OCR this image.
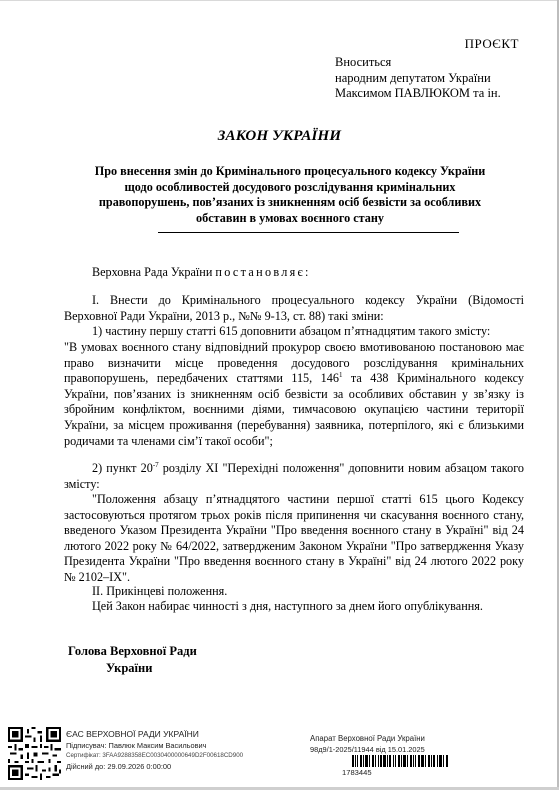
ПРОЄКТ
Вноситься
народним депутатом України
Максимом ПАВЛЮКОМ та ін.
ЗАКОН УКРАЇНИ
Про внесення змін до Кримінального процесуального кодексу України
щодо особливостей досудового розслідування кримінальних
правопорушень, пов’язаних із зникненням осіб безвісти за особливих
обставин в умовах воєнного стану
Верховна Рада України постановляє:
I. Внести до Кримінального процесуального кодексу України (Відомості Верховної Ради України, 2013 р., №№ 9-13, ст. 88) такі зміни:
1) частину першу статті 615 доповнити абзацом п’ятнадцятим такого змісту:
"В умовах воєнного стану відповідний прокурор своєю вмотивованою постановою має право визначити місце проведення досудового розслідування кримінальних правопорушень, передбачених статтями 115, $146^1$ та 438 Кримінального кодексу України, пов’язаних із зникненням осіб безвісти за особливих обставин у зв’язку із збройним конфліктом, воєнними діями, тимчасовою окупацією частини території України, за місцем проживання (перебування) заявника, потерпілого, які є близькими родичами та членами сім’ї такої особи";
2) пункт $20^{-7}$ розділу XI "Перехідні положення" доповнити новим абзацом такого змісту:
"Положення абзацу п’ятнадцятого частини першої статті 615 цього Кодексу застосовуються протягом трьох років після припинення чи скасування воєнного стану, введеного Указом Президента України "Про введення воєнного стану в Україні" від 24 лютого 2022 року № 64/2022, затвердженим Законом України "Про затвердження Указу Президента України "Про введення воєнного стану в Україні" від 24 лютого 2022 року № 2102–IX".
II. Прикінцеві положення.
Цей Закон набирає чинності з дня, наступного за днем його опублікування.
Голова Верховної Ради
України
ЄАС ВЕРХОВНОЇ РАДИ УКРАЇНИ
Підписувач: Павлюк Максим Васильович
Сертифікат: 3FAA9288358EC0030400000649D2F00618CD900
Дійсний до: 29.09.2026 0:00:00
Апарат Верховної Ради України
98д9/1-2025/11944 від 15.01.2025
1783445
